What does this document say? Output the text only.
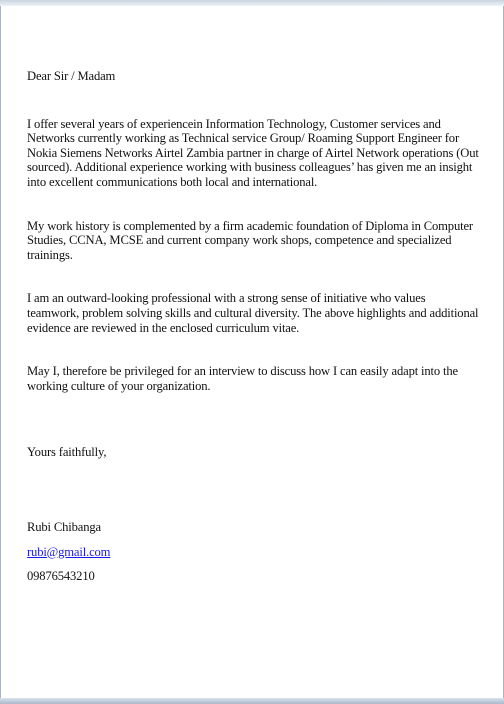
Dear Sir / Madam

I offer several years of experiencein Information Technology, Customer services and Networks currently working as Technical service Group/ Roaming Support Engineer for Nokia Siemens Networks Airtel Zambia partner in charge of Airtel Network operations (Out sourced). Additional experience working with business colleagues’ has given me an insight into excellent communications both local and international.

My work history is complemented by a firm academic foundation of Diploma in Computer Studies, CCNA, MCSE and current company work shops, competence and specialized trainings.

I am an outward-looking professional with a strong sense of initiative who values teamwork, problem solving skills and cultural diversity. The above highlights and additional evidence are reviewed in the enclosed curriculum vitae.

May I, therefore be privileged for an interview to discuss how I can easily adapt into the working culture of your organization.

Yours faithfully,

Rubi Chibanga

rubi@gmail.com

09876543210
